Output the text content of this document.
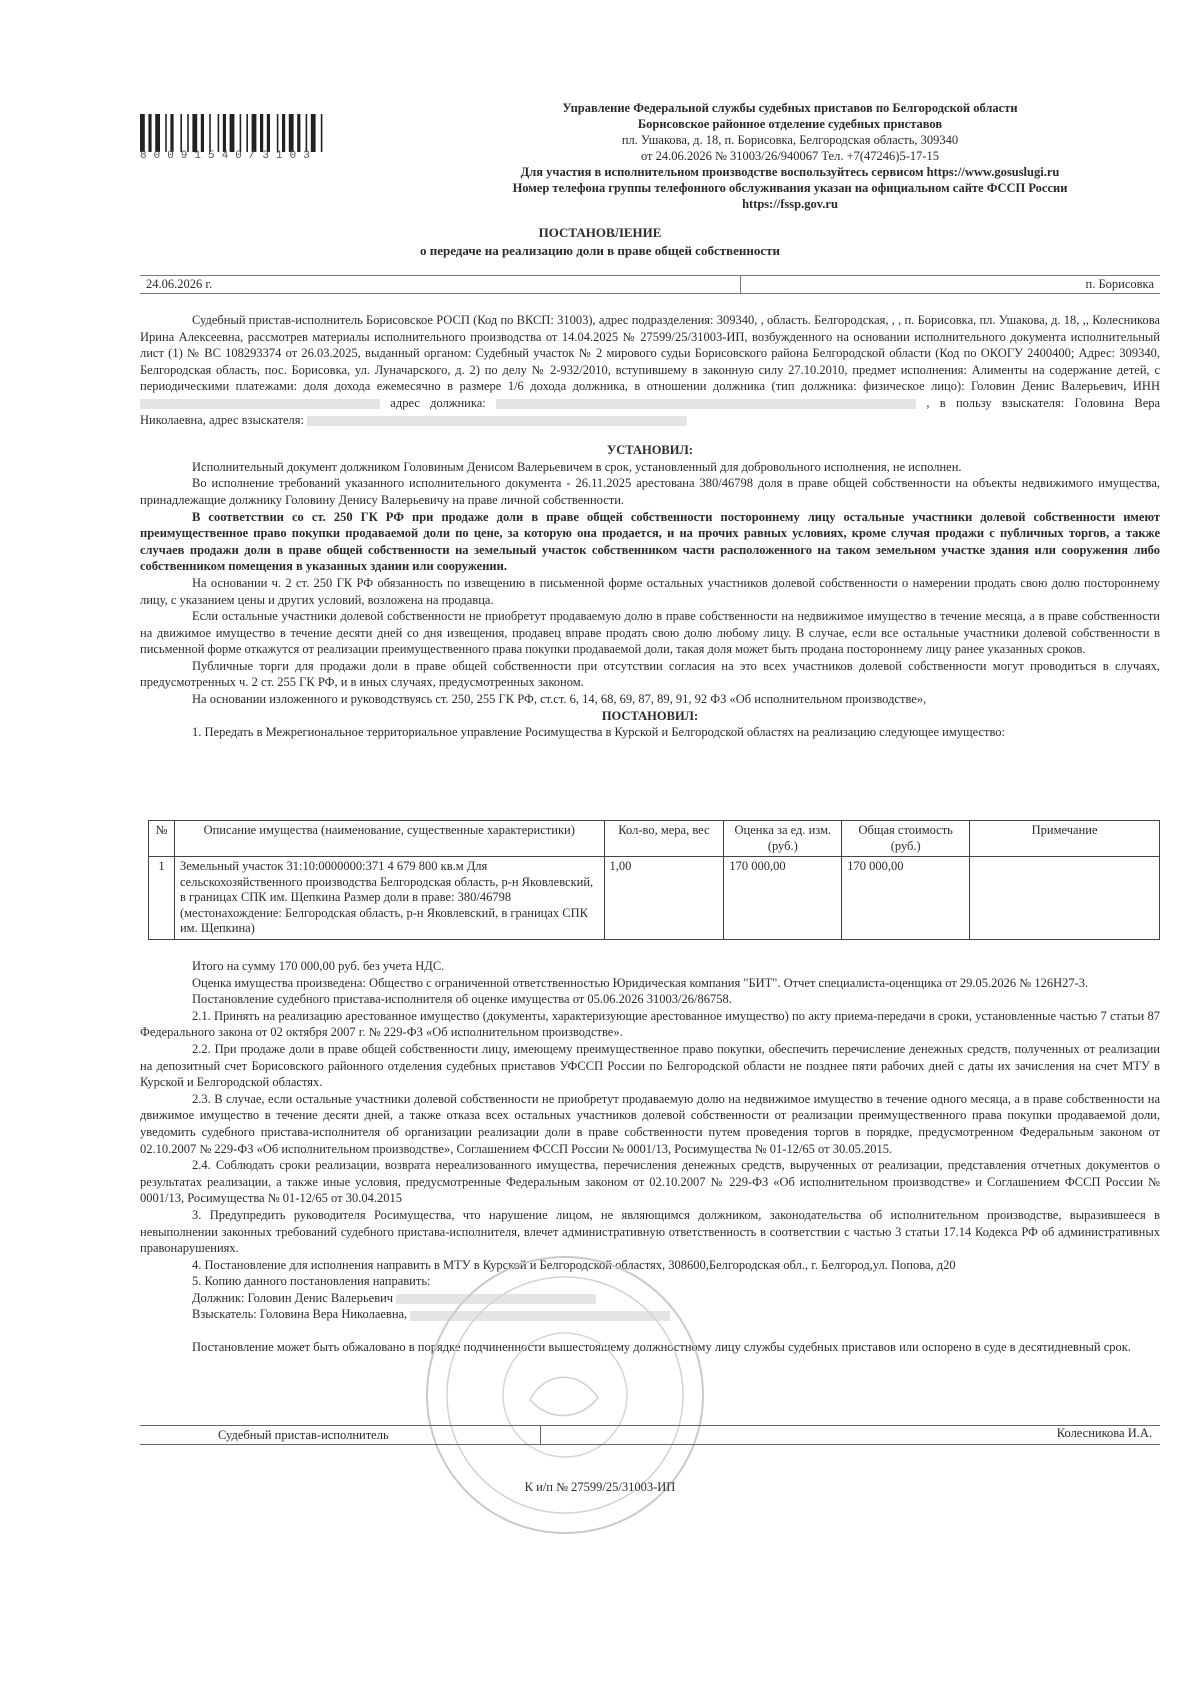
80091540/3103
Управление Федеральной службы судебных приставов по Белгородской области
Борисовское районное отделение судебных приставов
пл. Ушакова, д. 18, п. Борисовка, Белгородская область, 309340
от 24.06.2026 № 31003/26/940067 Тел. +7(47246)5-17-15
Для участия в исполнительном производстве воспользуйтесь сервисом https://www.gosuslugi.ru
Номер телефона группы телефонного обслуживания указан на официальном сайте ФССП России
https://fssp.gov.ru
ПОСТАНОВЛЕНИЕ
о передаче на реализацию доли в праве общей собственности
24.06.2026 г.	п. Борисовка

Судебный пристав-исполнитель Борисовское РОСП (Код по ВКСП: 31003), адрес подразделения: 309340, , область. Белгородская, , , п. Борисовка, пл. Ушакова, д. 18, ,, Колесникова Ирина Алексеевна, рассмотрев материалы исполнительного производства от 14.04.2025 № 27599/25/31003-ИП, возбужденного на основании исполнительного документа исполнительный лист (1) № ВС 108293374 от 26.03.2025, выданный органом: Судебный участок № 2 мирового судьи Борисовского района Белгородской области (Код по ОКОГУ 2400400; Адрес: 309340, Белгородская область, пос. Борисовка, ул. Луначарского, д. 2) по делу № 2-932/2010, вступившему в законную силу 27.10.2010, предмет исполнения: Алименты на содержание детей, с периодическими платежами: доля дохода ежемесячно в размере 1/6 дохода должника, в отношении должника (тип должника: физическое лицо): Головин Денис Валерьевич, ИНН  адрес должника:	, в пользу взыскателя: Головина Вера Николаевна, адрес взыскателя:

УСТАНОВИЛ:

Исполнительный документ должником Головиным Денисом Валерьевичем в срок, установленный для добровольного исполнения, не исполнен.

Во исполнение требований указанного исполнительного документа - 26.11.2025 арестована 380/46798 доля в праве общей собственности на объекты недвижимого имущества, принадлежащие должнику Головину Денису Валерьевичу на праве личной собственности.

В соответствии со ст. 250 ГК РФ при продаже доли в праве общей собственности постороннему лицу остальные участники долевой собственности имеют преимущественное право покупки продаваемой доли по цене, за которую она продается, и на прочих равных условиях, кроме случая продажи с публичных торгов, а также случаев продажи доли в праве общей собственности на земельный участок собственником части расположенного на таком земельном участке здания или сооружения либо собственником помещения в указанных здании или сооружении.

На основании ч. 2 ст. 250 ГК РФ обязанность по извещению в письменной форме остальных участников долевой собственности о намерении продать свою долю постороннему лицу, с указанием цены и других условий, возложена на продавца.

Если остальные участники долевой собственности не приобретут продаваемую долю в праве собственности на недвижимое имущество в течение месяца, а в праве собственности на движимое имущество в течение десяти дней со дня извещения, продавец вправе продать свою долю любому лицу. В случае, если все остальные участники долевой собственности в письменной форме откажутся от реализации преимущественного права покупки продаваемой доли, такая доля может быть продана постороннему лицу ранее указанных сроков.

Публичные торги для продажи доли в праве общей собственности при отсутствии согласия на это всех участников долевой собственности могут проводиться в случаях, предусмотренных ч. 2 ст. 255 ГК РФ, и в иных случаях, предусмотренных законом.

На основании изложенного и руководствуясь ст. 250, 255 ГК РФ, ст.ст. 6, 14, 68, 69, 87, 89, 91, 92 ФЗ «Об исполнительном производстве»,

ПОСТАНОВИЛ:

1. Передать в Межрегиональное территориальное управление Росимущества в Курской и Белгородской областях на реализацию следующее имущество:

№	Описание имущества (наименование, существенные характеристики)	Кол-во, мера, вес	Оценка за ед. изм. (руб.)	Общая стоимость (руб.)	Примечание
1	Земельный участок 31:10:0000000:371 4 679 800 кв.м Для сельскохозяйственного производства Белгородская область, р-н Яковлевский, в границах СПК им. Щепкина Размер доли в праве: 380/46798 (местонахождение: Белгородская область, р-н Яковлевский, в границах СПК им. Щепкина)	1,00	170 000,00	170 000,00	

Итого на сумму 170 000,00 руб. без учета НДС.

Оценка имущества произведена: Общество с ограниченной ответственностью Юридическая компания "БИТ". Отчет специалиста-оценщика от 29.05.2026 № 126Н27-3.

Постановление судебного пристава-исполнителя об оценке имущества от 05.06.2026 31003/26/86758.

2.1. Принять на реализацию арестованное имущество (документы, характеризующие арестованное имущество) по акту приема-передачи в сроки, установленные частью 7 статьи 87 Федерального закона от 02 октября 2007 г. № 229-ФЗ «Об исполнительном производстве».

2.2. При продаже доли в праве общей собственности лицу, имеющему преимущественное право покупки, обеспечить перечисление денежных средств, полученных от реализации на депозитный счет Борисовского районного отделения судебных приставов УФССП России по Белгородской области не позднее пяти рабочих дней с даты их зачисления на счет МТУ в Курской и Белгородской областях.

2.3. В случае, если остальные участники долевой собственности не приобретут продаваемую долю на недвижимое имущество в течение одного месяца, а в праве собственности на движимое имущество в течение десяти дней, а также отказа всех остальных участников долевой собственности от реализации преимущественного права покупки продаваемой доли, уведомить судебного пристава-исполнителя об организации реализации доли в праве собственности путем проведения торгов в порядке, предусмотренном Федеральным законом от 02.10.2007 № 229-ФЗ «Об исполнительном производстве», Соглашением ФССП России № 0001/13, Росимущества № 01-12/65 от 30.05.2015.

2.4. Соблюдать сроки реализации, возврата нереализованного имущества, перечисления денежных средств, вырученных от реализации, представления отчетных документов о результатах реализации, а также иные условия, предусмотренные Федеральным законом от 02.10.2007 № 229-ФЗ «Об исполнительном производстве» и Соглашением ФССП России № 0001/13, Росимущества № 01-12/65 от 30.04.2015

3. Предупредить руководителя Росимущества, что нарушение лицом, не являющимся должником, законодательства об исполнительном производстве, выразившееся в невыполнении законных требований судебного пристава-исполнителя, влечет административную ответственность в соответствии с частью 3 статьи 17.14 Кодекса РФ об административных правонарушениях.

4. Постановление для исполнения направить в МТУ в Курской и Белгородской областях, 308600,Белгородская обл., г. Белгород,ул. Попова, д20

5. Копию данного постановления направить:

Должник: Головин Денис Валерьевич

Взыскатель: Головина Вера Николаевна,

Постановление может быть обжаловано в порядке подчиненности вышестоящему должностному лицу службы судебных приставов или оспорено в суде в десятидневный срок.

Судебный пристав-исполнитель	Колесникова И.А.
К и/п № 27599/25/31003-ИП
